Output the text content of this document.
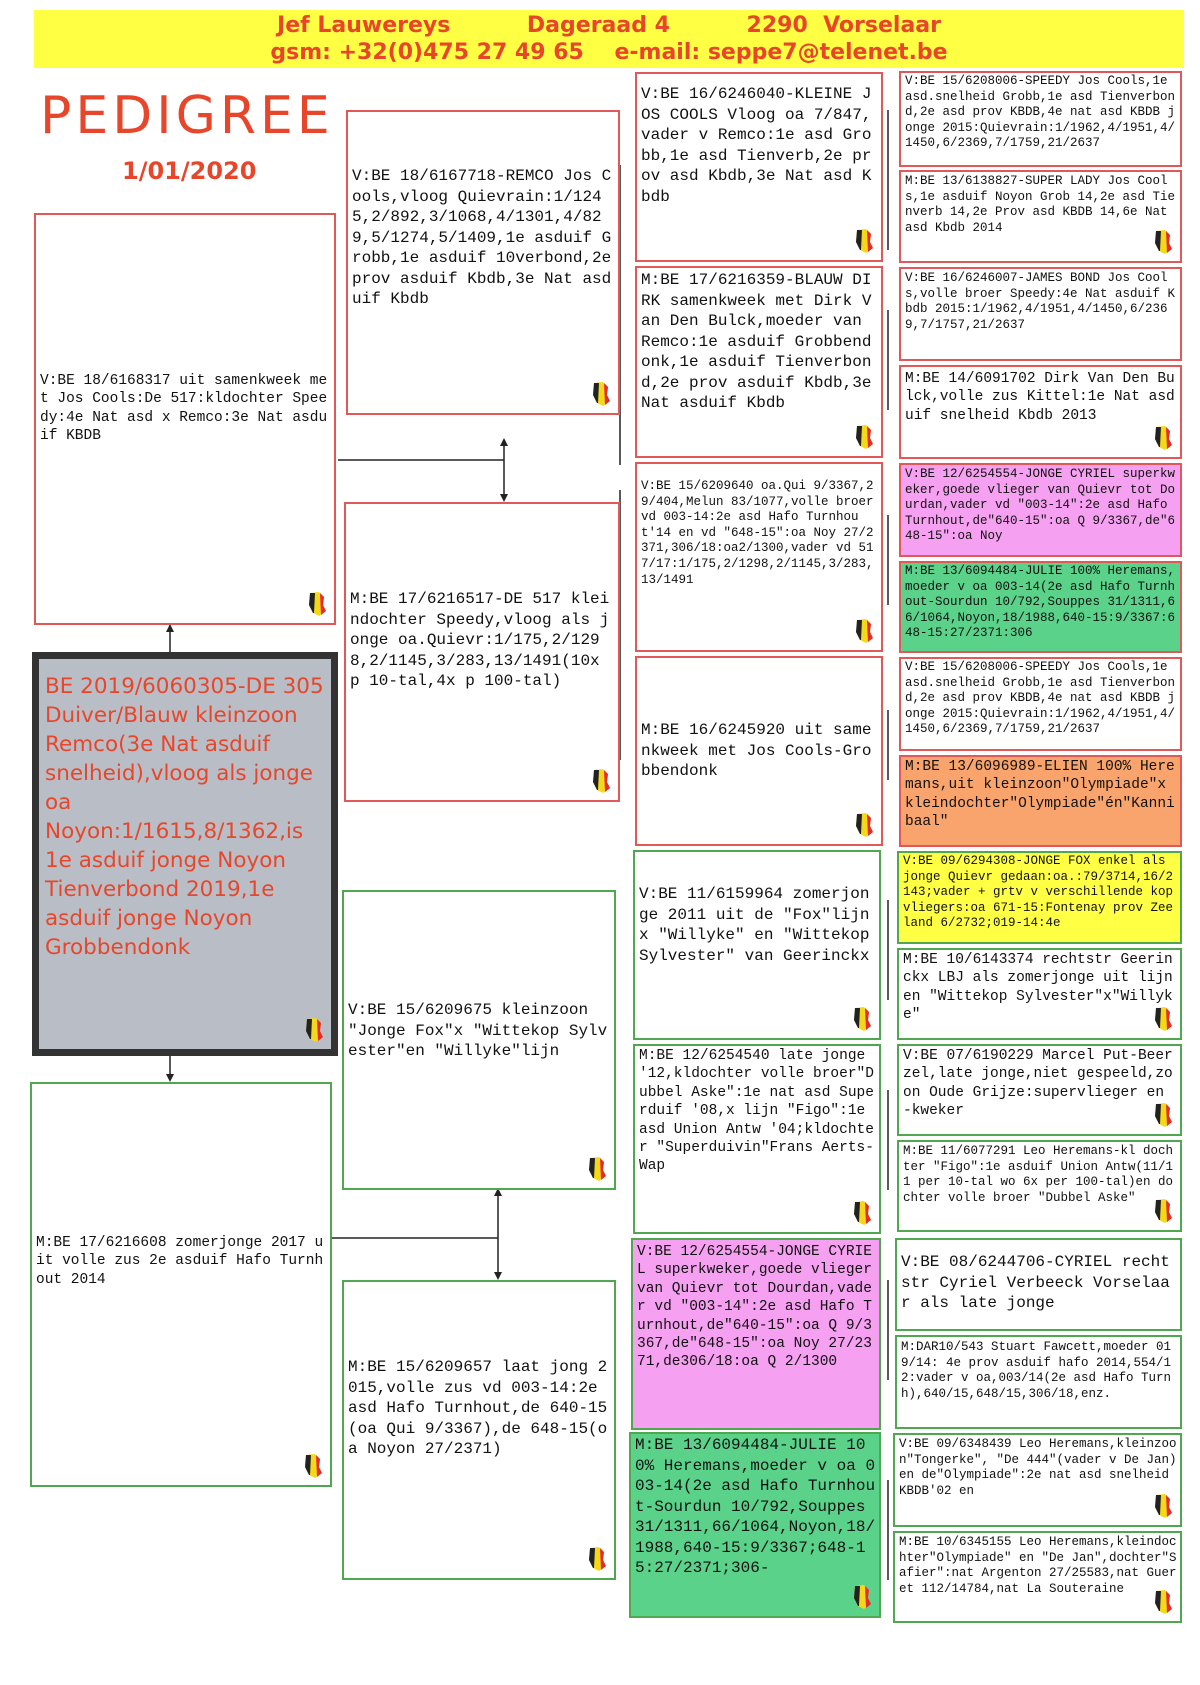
Jef Lauwereys          Dageraad 4          2290  Vorselaar
gsm: +32(0)475 27 49 65    e-mail: seppe7@telenet.be
PEDIGREE
1/01/2020
V:BE 18/6168317 uit samenkweek met Jos Cools:De 517:kldochter Speedy:4e Nat asd x Remco:3e Nat asduif KBDB
BE 2019/6060305-DE 305 Duiver/Blauw kleinzoon Remco(3e Nat asduif snelheid),vloog als jonge oa Noyon:1/1615,8/1362,is 1e asduif jonge Noyon Tienverbond 2019,1e asduif jonge Noyon Grobbendonk
M:BE 17/6216608 zomerjonge 2017 uit volle zus 2e asduif Hafo Turnhout 2014
V:BE 18/6167718-REMCO Jos Cools,vloog Quievrain:1/1245,2/892,3/1068,4/1301,4/829,5/1274,5/1409,1e asduif Grobb,1e asduif 10verbond,2e prov asduif Kbdb,3e Nat asduif Kbdb
M:BE 17/6216517-DE 517 kleindochter Speedy,vloog als jonge oa.Quievr:1/175,2/1298,2/1145,3/283,13/1491(10x p 10-tal,4x p 100-tal)
V:BE 15/6209675 kleinzoon "Jonge Fox"x "Wittekop Sylvester"en "Willyke"lijn
M:BE 15/6209657 laat jong 2015,volle zus vd 003-14:2e asd Hafo Turnhout,de 640-15(oa Qui 9/3367),de 648-15(oa Noyon 27/2371)
V:BE 16/6246040-KLEINE JOS COOLS Vloog oa 7/847,vader v Remco:1e asd Grobb,1e asd Tienverb,2e prov asd Kbdb,3e Nat asd Kbdb
M:BE 17/6216359-BLAUW DIRK samenkweek met Dirk Van Den Bulck,moeder van Remco:1e asduif Grobbendonk,1e asduif Tienverbond,2e prov asduif Kbdb,3e Nat asduif Kbdb
V:BE 15/6209640 oa.Qui 9/3367,29/404,Melun 83/1077,volle broer vd 003-14:2e asd Hafo Turnhout'14 en vd "648-15":oa Noy 27/2371,306/18:oa2/1300,vader vd 517/17:1/175,2/1298,2/1145,3/283,13/1491
M:BE 16/6245920 uit samenkweek met Jos Cools-Grobbendonk
V:BE 11/6159964 zomerjonge 2011 uit de "Fox"lijn x "Willyke" en "Wittekop Sylvester" van Geerinckx
M:BE 12/6254540 late jonge '12,kldochter volle broer"Dubbel Aske":1e nat asd Superduif '08,x lijn "Figo":1e asd Union Antw '04;kldochter "Superduivin"Frans Aerts-Wap
V:BE 12/6254554-JONGE CYRIEL superkweker,goede vlieger van Quievr tot Dourdan,vader vd "003-14":2e asd Hafo Turnhout,de"640-15":oa Q 9/3367,de"648-15":oa Noy 27/2371,de306/18:oa Q 2/1300
M:BE 13/6094484-JULIE 100% Heremans,moeder v oa 003-14(2e asd Hafo Turnhout-Sourdun 10/792,Souppes 31/1311,66/1064,Noyon,18/1988,640-15:9/3367;648-15:27/2371;306-
V:BE 15/6208006-SPEEDY Jos Cools,1e asd.snelheid Grobb,1e asd Tienverbond,2e asd prov KBDB,4e nat asd KBDB jonge 2015:Quievrain:1/1962,4/1951,4/1450,6/2369,7/1759,21/2637
M:BE 13/6138827-SUPER LADY Jos Cools,1e asduif Noyon Grob 14,2e asd Tienverb 14,2e Prov asd KBDB 14,6e Nat asd Kbdb 2014
V:BE 16/6246007-JAMES BOND Jos Cools,volle broer Speedy:4e Nat asduif Kbdb 2015:1/1962,4/1951,4/1450,6/2369,7/1757,21/2637
M:BE 14/6091702 Dirk Van Den Bulck,volle zus Kittel:1e Nat asduif snelheid Kbdb 2013
V:BE 12/6254554-JONGE CYRIEL superkweker,goede vlieger van Quievr tot Dourdan,vader vd "003-14":2e asd Hafo Turnhout,de"640-15":oa Q 9/3367,de"648-15":oa Noy
M:BE 13/6094484-JULIE 100% Heremans,moeder v oa 003-14(2e asd Hafo Turnhout-Sourdun 10/792,Souppes 31/1311,66/1064,Noyon,18/1988,640-15:9/3367:648-15:27/2371:306
V:BE 15/6208006-SPEEDY Jos Cools,1e asd.snelheid Grobb,1e asd Tienverbond,2e asd prov KBDB,4e nat asd KBDB jonge 2015:Quievrain:1/1962,4/1951,4/1450,6/2369,7/1759,21/2637
M:BE 13/6096989-ELIEN 100% Heremans,uit kleinzoon"Olympiade"x kleindochter"Olympiade"én"Kannibaal"
V:BE 09/6294308-JONGE FOX enkel als jonge Quievr gedaan:oa.:79/3714,16/2143;vader + grtv v verschillende kopvliegers:oa 671-15:Fontenay prov Zeeland 6/2732;019-14:4e
M:BE 10/6143374 rechtstr Geerinckx LBJ als zomerjonge uit lijnen "Wittekop Sylvester"x"Willyke"
V:BE 07/6190229 Marcel Put-Beerzel,late jonge,niet gespeeld,zoon Oude Grijze:supervlieger en -kweker
M:BE 11/6077291 Leo Heremans-kl dochter "Figo":1e asduif Union Antw(11/11 per 10-tal wo 6x per 100-tal)en dochter volle broer "Dubbel Aske"
V:BE 08/6244706-CYRIEL rechtstr Cyriel Verbeeck Vorselaar als late jonge
M:DAR10/543 Stuart Fawcett,moeder 019/14: 4e prov asduif hafo 2014,554/12:vader v oa,003/14(2e asd Hafo Turnh),640/15,648/15,306/18,enz.
V:BE 09/6348439 Leo Heremans,kleinzoon"Tongerke", "De 444"(vader v De Jan)en de"Olympiade":2e nat asd snelheid KBDB'02 en
M:BE 10/6345155 Leo Heremans,kleindochter"Olympiade" en "De Jan",dochter"Safier":nat Argenton 27/25583,nat Gueret 112/14784,nat La Souteraine
